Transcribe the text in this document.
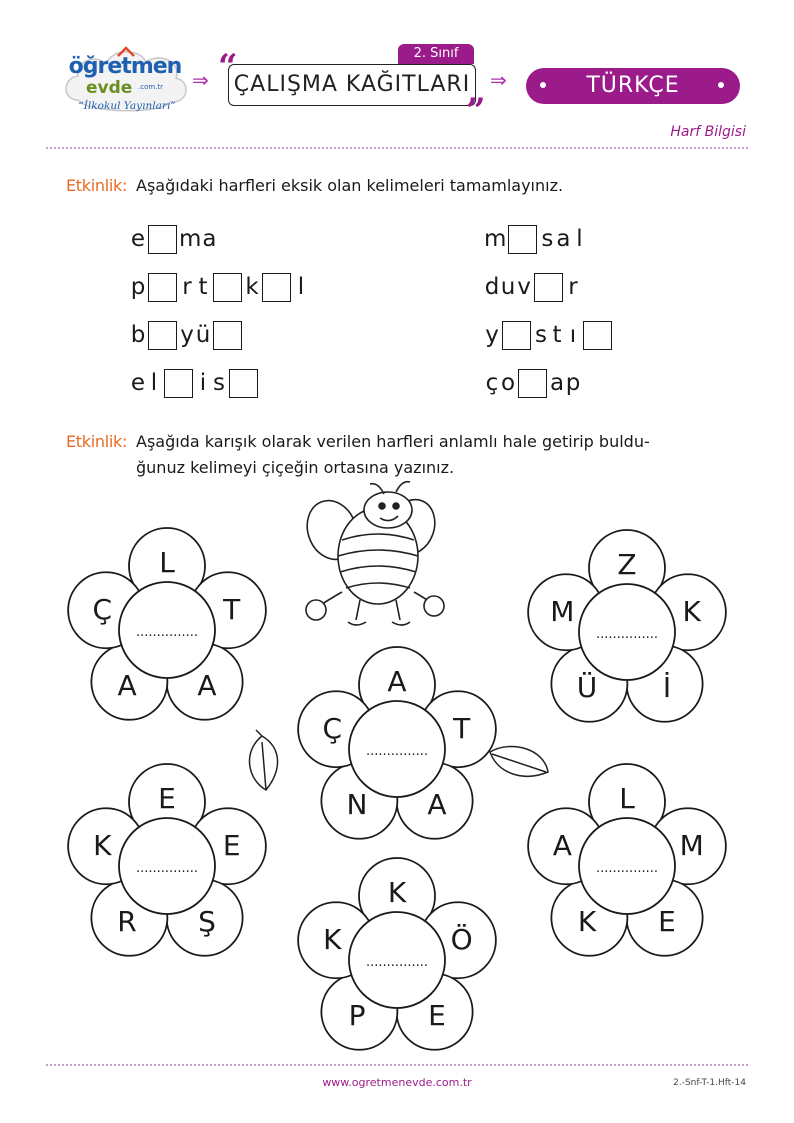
öğretmen
evde .com.tr
“İlkokul Yayınları”
⇒
2. Sınıf
“
ÇALIŞMA KAĞITLARI
”
⇒	TÜRKÇE
Harf Bilgisi
Etkinlik: Aşağıdaki harfleri eksik olan kelimeleri tamamlayınız.
e ma
p r t k l
b yü
e l i s
m s a l
duv r
y s t ı
ç o ap
Etkinlik: Aşağıda karışık olarak verilen harfleri anlamlı hale getirip buldu-
ğunuz kelimeyi çiçeğin ortasına yazınız.
L
T
A
A
Ç
...............
Z
K
İ
Ü
M
...............
A
T
A
N
Ç
...............
E
E
Ş
R
K
...............
L
M
E
K
A
...............
K
Ö
E
P
K
...............
www.ogretmenevde.com.tr	2.-Snf-T-1.Hft-14
